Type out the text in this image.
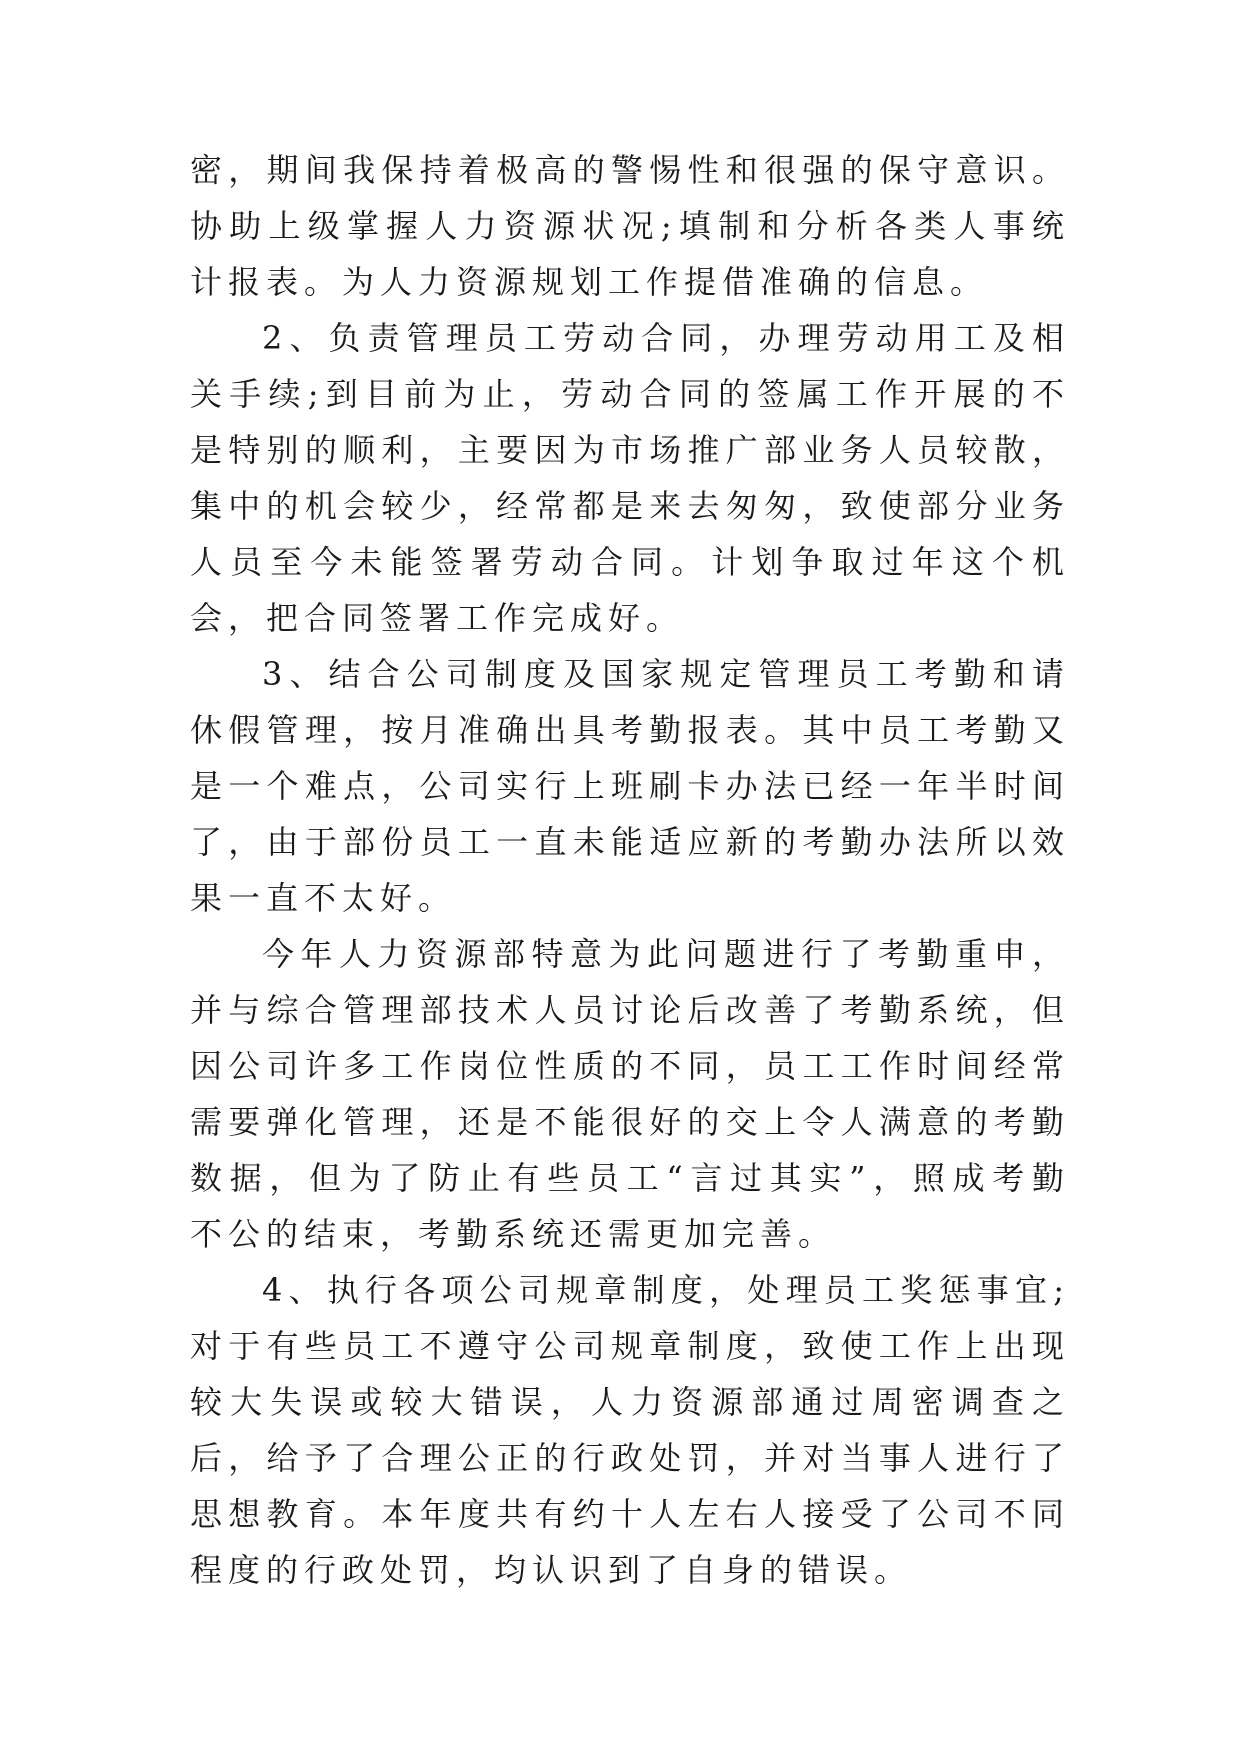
密，期间我保持着极高的警惕性和很强的保守意识。协助上级掌握人力资源状况;填制和分析各类人事统计报表。为人力资源规划工作提借准确的信息。

2、负责管理员工劳动合同，办理劳动用工及相关手续;到目前为止，劳动合同的签属工作开展的不是特别的顺利，主要因为市场推广部业务人员较散，集中的机会较少，经常都是来去匆匆，致使部分业务人员至今未能签署劳动合同。计划争取过年这个机会，把合同签署工作完成好。

3、结合公司制度及国家规定管理员工考勤和请休假管理，按月准确出具考勤报表。其中员工考勤又是一个难点，公司实行上班刷卡办法已经一年半时间了，由于部份员工一直未能适应新的考勤办法所以效果一直不太好。

今年人力资源部特意为此问题进行了考勤重申，并与综合管理部技术人员讨论后改善了考勤系统，但因公司许多工作岗位性质的不同，员工工作时间经常需要弹化管理，还是不能很好的交上令人满意的考勤数据，但为了防止有些员工“言过其实”，照成考勤不公的结束，考勤系统还需更加完善。

4、执行各项公司规章制度，处理员工奖惩事宜;对于有些员工不遵守公司规章制度，致使工作上出现较大失误或较大错误，人力资源部通过周密调查之后，给予了合理公正的行政处罚，并对当事人进行了思想教育。本年度共有约十人左右人接受了公司不同程度的行政处罚，均认识到了自身的错误。
